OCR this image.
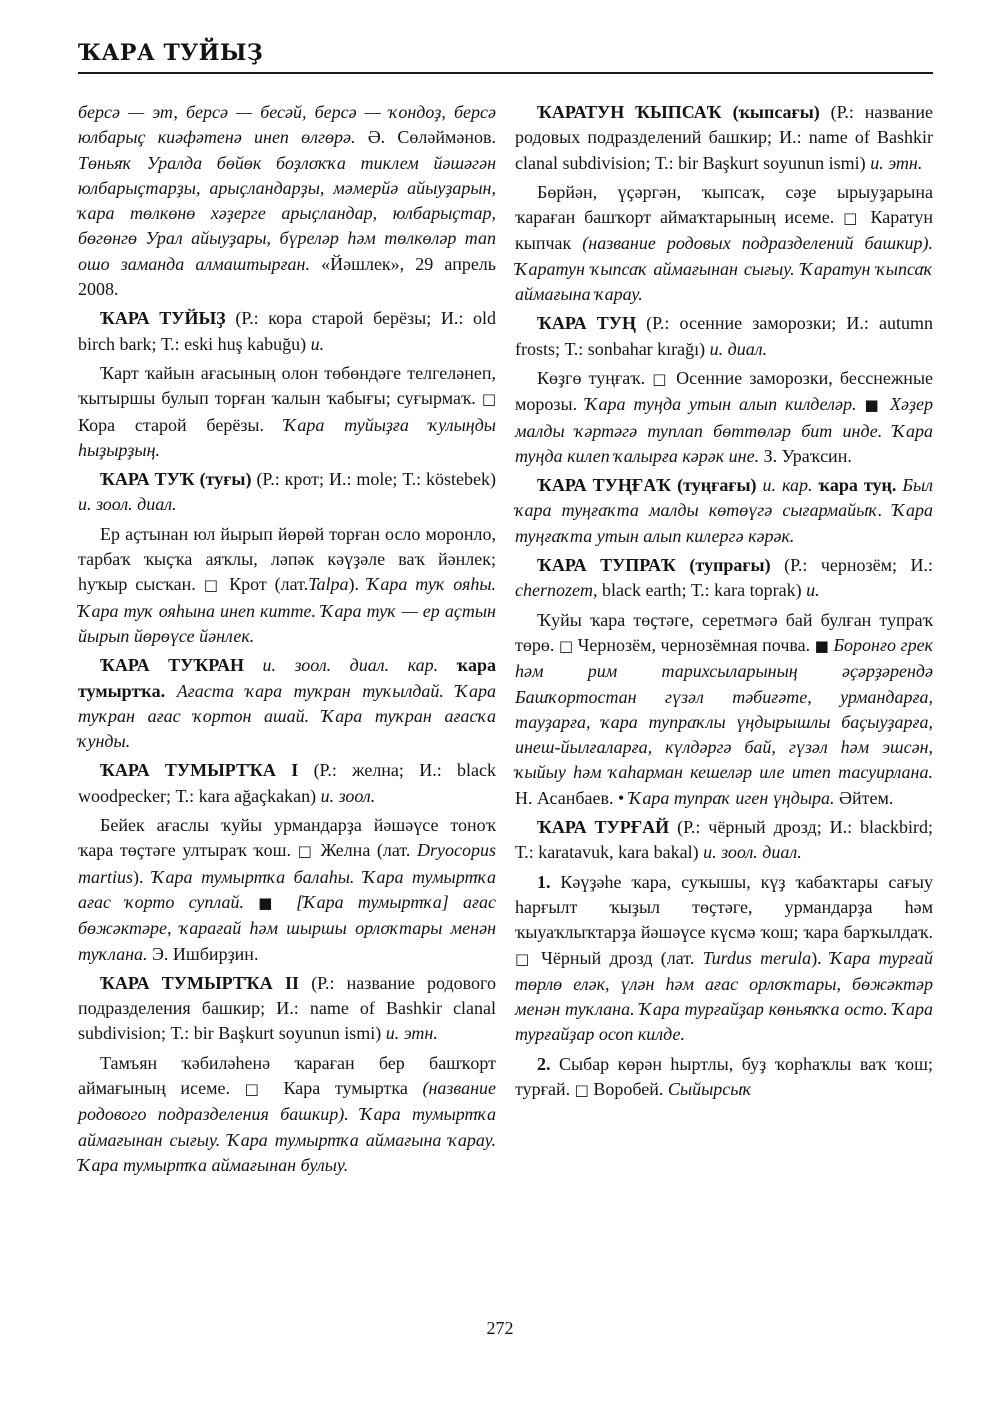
ҠАРА ТУЙЫҘ

берсә — эт, берсә — бесәй, берсә — ҡондоҙ, берсә юлбарыҫ киәфәтенә инеп өлгөрә. Ә. Сөләймәнов. Төньяҡ Уралда бөйөк боҙлоҡҡа тиклем йәшәгән юлбарыҫтарҙы, арыҫландарҙы, мәмерйә айыуҙарын, ҡара төлкөнө хәҙерге арыҫландар, юлбарыҫтар, бөгөнгө Урал айыуҙары, бүреләр һәм төлкөләр тап ошо заманда алмаштырған. «Йәшлек», 29 апрель 2008.

ҠАРА ТУЙЫҘ (Р.: кора старой берёзы; И.: old birch bark; Т.: eski huş kabuğu) и.

Ҡарт ҡайын ағасының олон төбөндәге телгеләнеп, ҡытыршы булып торған ҡалын ҡабығы; суғырмаҡ. □ Кора старой берёзы. Ҡара туйыҙға ҡулыңды һыҙырҙың.

ҠАРА ТУҠ (туғы) (Р.: крот; И.: mole; Т.: köstebek) и. зоол. диал.

Ер аҫтынан юл йырып йөрөй торған осло моронло, тарбаҡ ҡыҫҡа аяҡлы, ләпәк кәүҙәле ваҡ йәнлек; һуҡыр сысҡан. □ Крот (лат.Talpa). Ҡара туҡ ояһы. Ҡара туҡ ояһына инеп китте. Ҡара туҡ — ер аҫтын йырып йөрөүсе йәнлек.

ҠАРА ТУҠРАН и. зоол. диал. кар. ҡара тумыртҡа. Ағаста ҡара туҡран туҡылдай. Ҡара туҡран ағас ҡортон ашай. Ҡара туҡран ағасҡа ҡунды.

ҠАРА ТУМЫРТҠА I (Р.: желна; И.: black woodpecker; Т.: kara ağaçkakan) и. зоол.

Бейек ағаслы ҡуйы урмандарҙа йәшәүсе тоноҡ ҡара төҫтәге ултыраҡ ҡош. □ Желна (лат. Dryocopus martius). Ҡара тумыртҡа балаһы. Ҡара тумыртҡа ағас ҡорто суплай. ■ [Ҡара тумыртҡа] ағас бөжәктәре, ҡарағай һәм шыршы орлоҡтары менән туҡлана. Э. Ишбирҙин.

ҠАРА ТУМЫРТҠА II (Р.: название родового подразделения башкир; И.: name of Bashkir clanal subdivision; Т.: bir Başkurt soyunun ismi) и. этн.

Тамъян ҡәбиләһенә ҡараған бер башҡорт аймағының исеме. □ Кара тумыртка (название родового подразделения башкир). Ҡара тумыртҡа аймағынан сығыу. Ҡара тумыртҡа аймағына ҡарау. Ҡара тумыртҡа аймағынан булыу.

ҠАРАТУН ҠЫПСАҠ (ҡыпсағы) (Р.: название родовых подразделений башкир; И.: name of Bashkir clanal subdivision; Т.: bir Başkurt soyunun ismi) и. этн.

Бөрйән, үҫәргән, ҡыпсаҡ, сәҙе ырыуҙарына ҡараған башҡорт аймаҡтарының исеме. □ Каратун кыпчак (название родовых подразделений башкир). Ҡаратун ҡыпсаҡ аймағынан сығыу. Ҡаратун ҡыпсаҡ аймағына ҡарау.

ҠАРА ТУҢ (Р.: осенние заморозки; И.: autumn frosts; Т.: sonbahar kırağı) и. диал.

Көҙгө туңғаҡ. □ Осенние заморозки, бесснежные морозы. Ҡара туңда утын алып килделәр. ■ Хәҙер малды ҡәртәгә туплап бөттөләр бит инде. Ҡара туңда килеп ҡалырға кәрәк ине. З. Ураҡсин.

ҠАРА ТУҢҒАҠ (туңғағы) и. кар. ҡара туң. Был ҡара туңғаҡта малды көтөүгә сығармайыҡ. Ҡара туңғаҡта утын алып килергә кәрәк.

ҠАРА ТУПРАҠ (тупрағы) (Р.: чернозём; И.: chernozem, black earth; Т.: kara toprak) и.

Ҡуйы ҡара төҫтәге, серетмәгә бай булған тупраҡ төрө. □ Чернозём, чернозёмная почва. ■ Боронғо грек һәм рим тарихсыларының әҫәрҙәрендә Башҡортостан гүзәл тәбиғәте, урмандарға, тауҙарға, ҡара тупраҡлы үңдырышлы баҫыуҙарға, инеш-йылғаларға, күлдәргә бай, гүзәл һәм эшсән, ҡыйыу һәм ҡаһарман кешеләр иле итеп тасуирлана. Н. Асанбаев. • Ҡара тупраҡ иген үңдыра. Әйтем.

ҠАРА ТУРҒАЙ (Р.: чёрный дрозд; И.: blackbird; Т.: karatavuk, kara bakal) и. зоол. диал.

1. Кәүҙәһе ҡара, суҡышы, күҙ ҡабаҡтары сағыу һарғылт ҡыҙыл төҫтәге, урмандарҙа һәм ҡыуаҡлыҡтарҙа йәшәүсе күсмә ҡош; ҡара барҡылдаҡ. □ Чёрный дрозд (лат. Turdus merula). Ҡара турғай төрлө еләк, үлән һәм ағас орлоҡтары, бөжәктәр менән туҡлана. Ҡара турғайҙар көньяҡҡа осто. Ҡара турғайҙар осоп килде.

2. Сыбар көрән һыртлы, буҙ ҡорһаҡлы ваҡ ҡош; турғай. □ Воробей. Сыйырсыҡ

272
